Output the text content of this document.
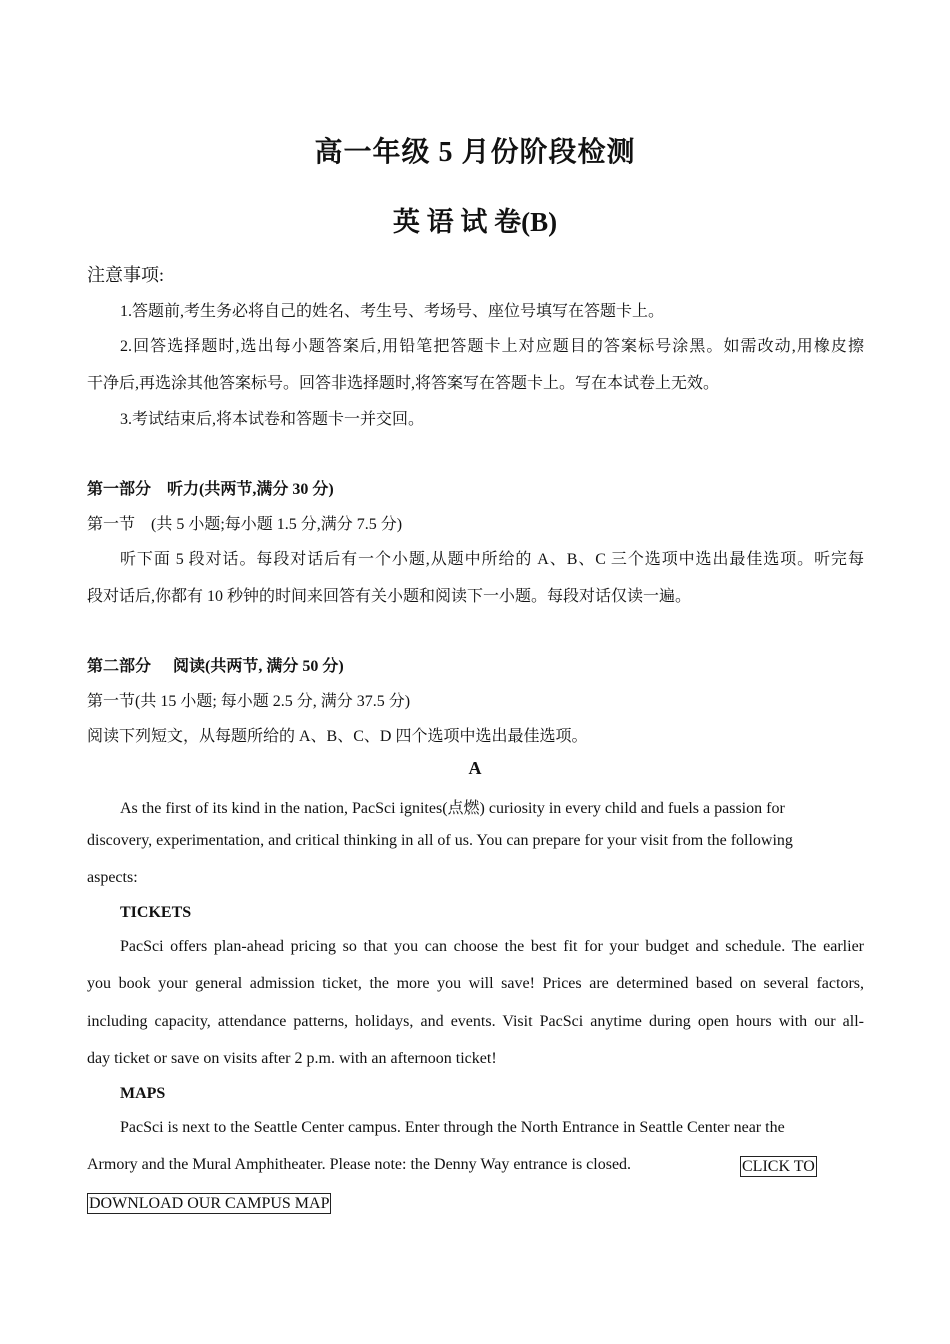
高一年级 5 月份阶段检测
英 语 试 卷(B)
注意事项:
1.答题前,考生务必将自己的姓名、考生号、考场号、座位号填写在答题卡上。
2.回答选择题时,选出每小题答案后,用铅笔把答题卡上对应题目的答案标号涂黑。如需改动,用橡皮擦
干净后,再选涂其他答案标号。回答非选择题时,将答案写在答题卡上。写在本试卷上无效。
3.考试结束后,将本试卷和答题卡一并交回。
第一部分 听力(共两节,满分 30 分)
第一节 (共 5 小题;每小题 1.5 分,满分 7.5 分)
听下面 5 段对话。每段对话后有一个小题,从题中所给的 A、B、C 三个选项中选出最佳选项。听完每
段对话后,你都有 10 秒钟的时间来回答有关小题和阅读下一小题。每段对话仅读一遍。
第二部分 阅读(共两节, 满分 50 分)
第一节(共 15 小题; 每小题 2.5 分, 满分 37.5 分)
阅读下列短文，从每题所给的 A、B、C、D 四个选项中选出最佳选项。
A
As the first of its kind in the nation, PacSci ignites(点燃) curiosity in every child and fuels a passion for
discovery, experimentation, and critical thinking in all of us. You can prepare for your visit from the following
aspects:
TICKETS
PacSci offers plan-ahead pricing so that you can choose the best fit for your budget and schedule. The earlier
you book your general admission ticket, the more you will save! Prices are determined based on several factors,
including capacity, attendance patterns, holidays, and events. Visit PacSci anytime during open hours with our all-
day ticket or save on visits after 2 p.m. with an afternoon ticket!
MAPS
PacSci is next to the Seattle Center campus. Enter through the North Entrance in Seattle Center near the
Armory and the Mural Amphitheater. Please note: the Denny Way entrance is closed.	CLICK TO
DOWNLOAD OUR CAMPUS MAP
